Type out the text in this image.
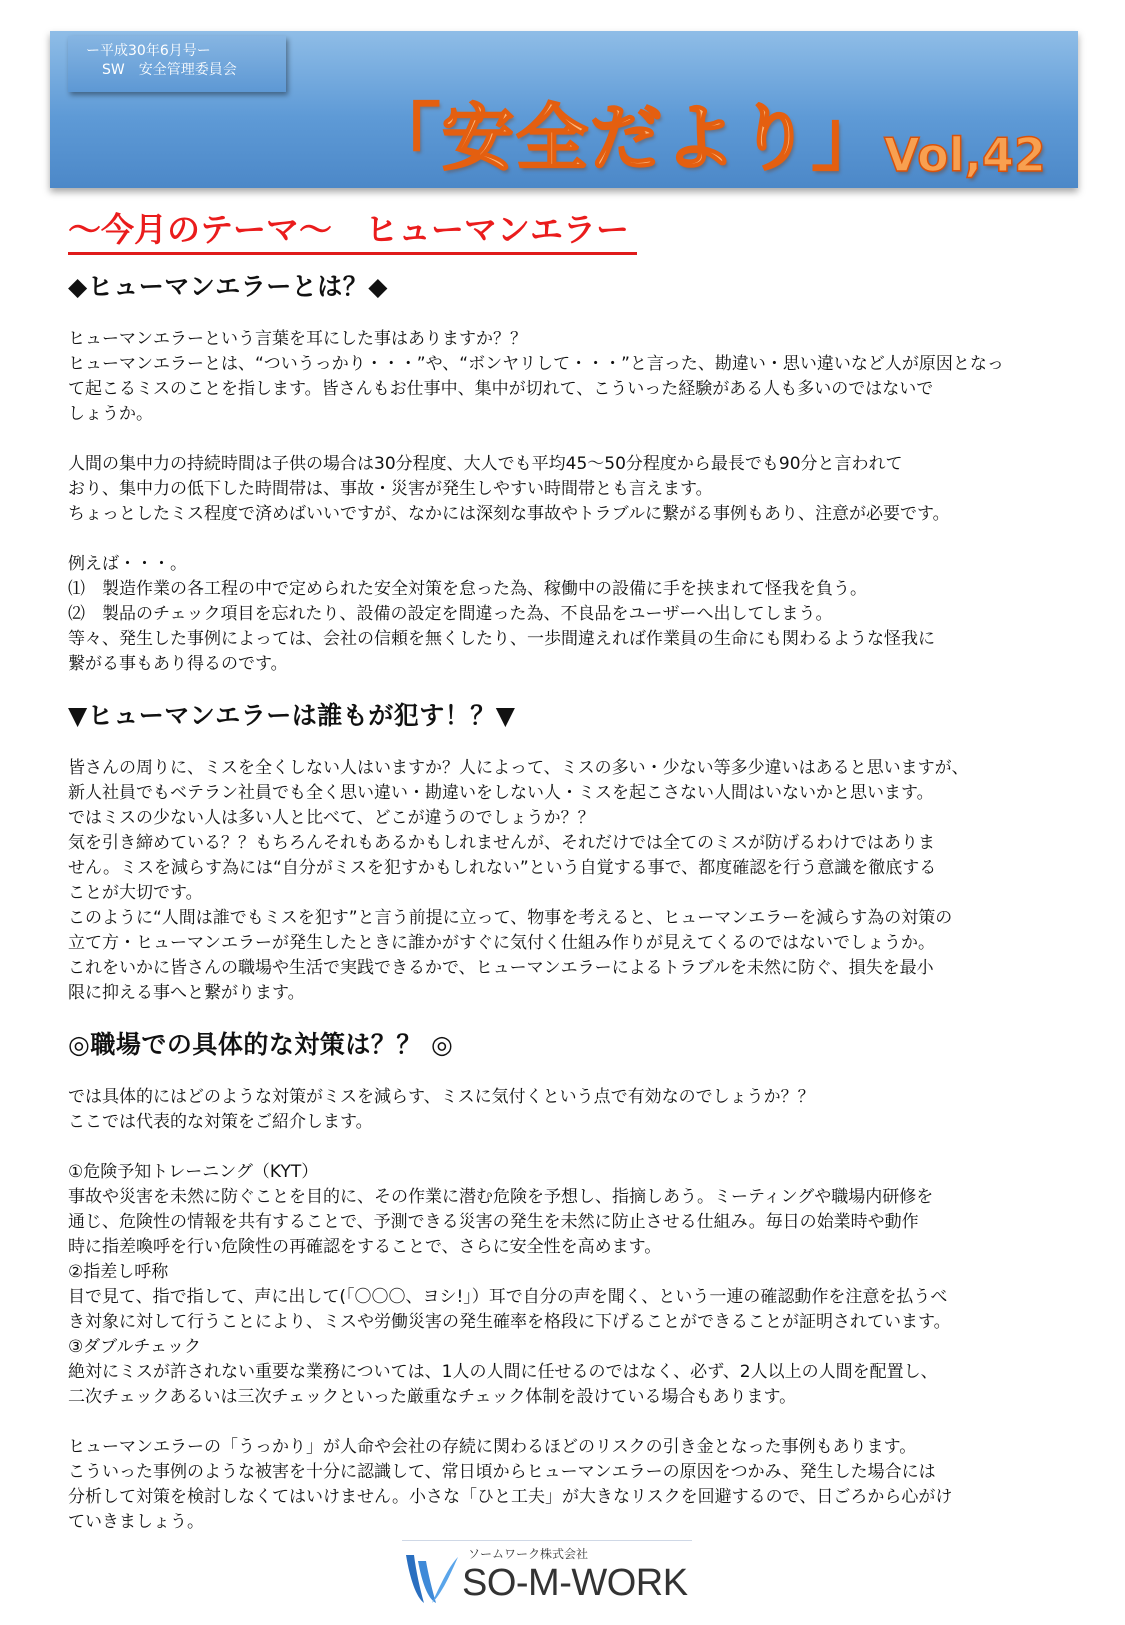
ー平成30年6月号ー
SW　安全管理委員会
「安全だより」
Vol,42
～今月のテーマ～　ヒューマンエラー
◆ヒューマンエラーとは？◆

ヒューマンエラーという言葉を耳にした事はありますか？？
ヒューマンエラーとは、“ついうっかり・・・”や、“ボンヤリして・・・”と言った、勘違い・思い違いなど人が原因となっ
て起こるミスのことを指します。皆さんもお仕事中、集中が切れて、こういった経験がある人も多いのではないで
しょうか。

人間の集中力の持続時間は子供の場合は30分程度、大人でも平均45～50分程度から最長でも90分と言われて
おり、集中力の低下した時間帯は、事故・災害が発生しやすい時間帯とも言えます。
ちょっとしたミス程度で済めばいいですが、なかには深刻な事故やトラブルに繋がる事例もあり、注意が必要です。

例えば・・・。
⑴　製造作業の各工程の中で定められた安全対策を怠った為、稼働中の設備に手を挟まれて怪我を負う。
⑵　製品のチェック項目を忘れたり、設備の設定を間違った為、不良品をユーザーへ出してしまう。
等々、発生した事例によっては、会社の信頼を無くしたり、一歩間違えれば作業員の生命にも関わるような怪我に
繋がる事もあり得るのです。

▼ヒューマンエラーは誰もが犯す！？▼

皆さんの周りに、ミスを全くしない人はいますか？人によって、ミスの多い・少ない等多少違いはあると思いますが、
新人社員でもベテラン社員でも全く思い違い・勘違いをしない人・ミスを起こさない人間はいないかと思います。
ではミスの少ない人は多い人と比べて、どこが違うのでしょうか？？
気を引き締めている？？もちろんそれもあるかもしれませんが、それだけでは全てのミスが防げるわけではありま
せん。ミスを減らす為には“自分がミスを犯すかもしれない”という自覚する事で、都度確認を行う意識を徹底する
ことが大切です。
このように“人間は誰でもミスを犯す”と言う前提に立って、物事を考えると、ヒューマンエラーを減らす為の対策の
立て方・ヒューマンエラーが発生したときに誰かがすぐに気付く仕組み作りが見えてくるのではないでしょうか。
これをいかに皆さんの職場や生活で実践できるかで、ヒューマンエラーによるトラブルを未然に防ぐ、損失を最小
限に抑える事へと繋がります。

◎職場での具体的な対策は？？ ◎

では具体的にはどのような対策がミスを減らす、ミスに気付くという点で有効なのでしょうか？？
ここでは代表的な対策をご紹介します。

①危険予知トレーニング（KYT）
事故や災害を未然に防ぐことを目的に、その作業に潜む危険を予想し、指摘しあう。ミーティングや職場内研修を
通じ、危険性の情報を共有することで、予測できる災害の発生を未然に防止させる仕組み。毎日の始業時や動作
時に指差喚呼を行い危険性の再確認をすることで、さらに安全性を高めます。
②指差し呼称
目で見て、指で指して、声に出して(「〇〇〇、ヨシ!」）耳で自分の声を聞く、という一連の確認動作を注意を払うべ
き対象に対して行うことにより、ミスや労働災害の発生確率を格段に下げることができることが証明されています。
③ダブルチェック
絶対にミスが許されない重要な業務については、1人の人間に任せるのではなく、必ず、2人以上の人間を配置し、
二次チェックあるいは三次チェックといった厳重なチェック体制を設けている場合もあります。

ヒューマンエラーの「うっかり」が人命や会社の存続に関わるほどのリスクの引き金となった事例もあります。
こういった事例のような被害を十分に認識して、常日頃からヒューマンエラーの原因をつかみ、発生した場合には
分析して対策を検討しなくてはいけません。小さな「ひと工夫」が大きなリスクを回避するので、日ごろから心がけ
ていきましょう。

ソームワーク株式会社
SO-M-WORK
